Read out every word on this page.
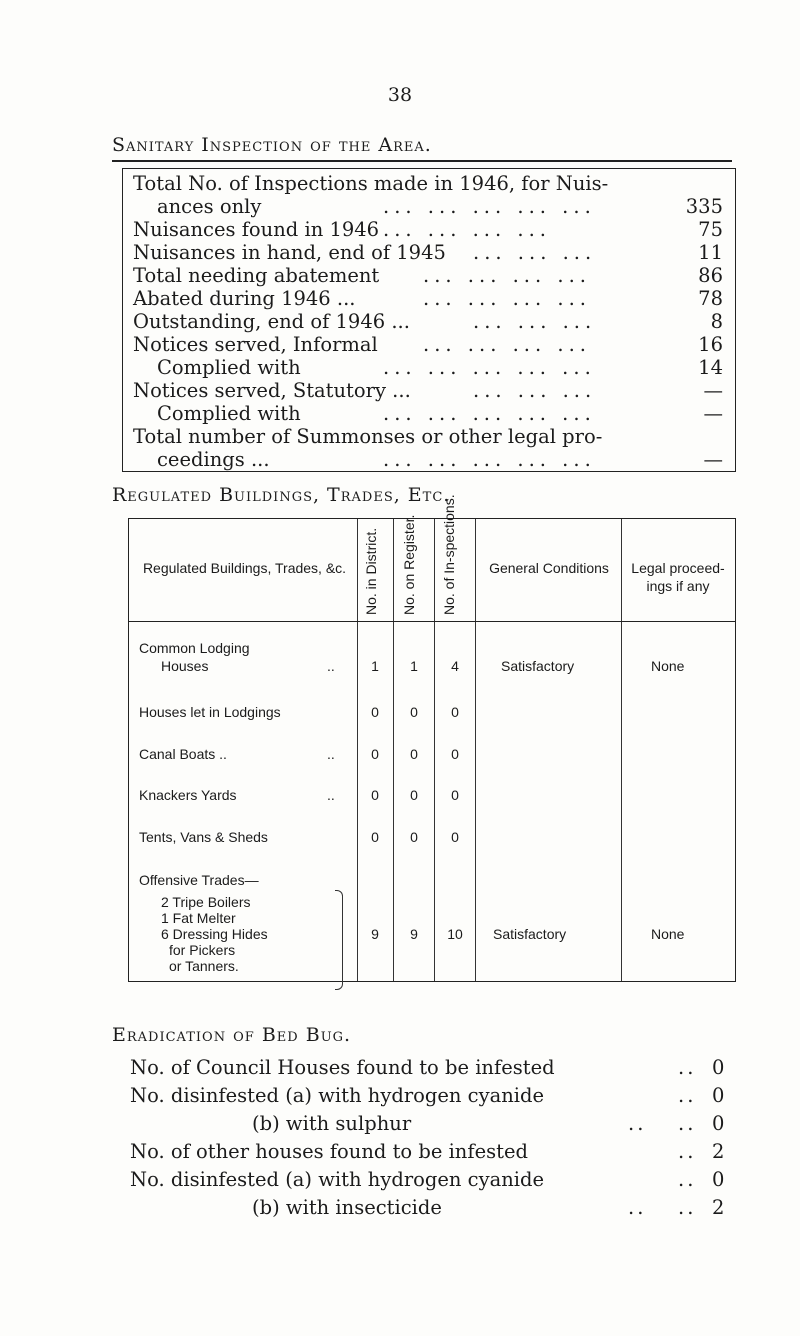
38
Sanitary Inspection of the Area.
Total No. of Inspections made in 1946, for Nuis-
ances only	... ... ... ... ...	335
Nuisances found in 1946 ... ... ... ...	75
Nuisances in hand, end of 1945 ... ... ...	11
Total needing abatement ... ... ... ...	86
Abated during 1946 ...	... ... ... ...	78
Outstanding, end of 1946 ...	... ... ...	8
Notices served, Informal ... ... ... ...	16
Complied with	... ... ... ... ...	14
Notices served, Statutory ...	... ... ...	—
Complied with	... ... ... ... ...	—
Total number of Summonses or other legal pro-
ceedings ...	... ... ... ... ...	—
Regulated Buildings, Trades, Etc.
Regulated Buildings, Trades, &c.	No. in District. No. on Register. No. of In-spections.	General Conditions	Legal proceed-ings if any
Common Lodging
Houses	..	1	1	4	Satisfactory	None
Houses let in Lodgings	0	0	0
Canal Boats ..	..	0	0	0
Knackers Yards	..	0	0	0
Tents, Vans & Sheds	0	0	0
Offensive Trades—
2 Tripe Boilers
1 Fat Melter
6 Dressing Hides
for Pickers
or Tanners.
9	9	10	Satisfactory	None
Eradication of Bed Bug.
No. of Council Houses found to be infested	.. 0
No. disinfested (a) with hydrogen cyanide	.. 0
(b) with sulphur	.. .. 0
No. of other houses found to be infested	.. 2
No. disinfested (a) with hydrogen cyanide	.. 0
(b) with insecticide	.. .. 2
